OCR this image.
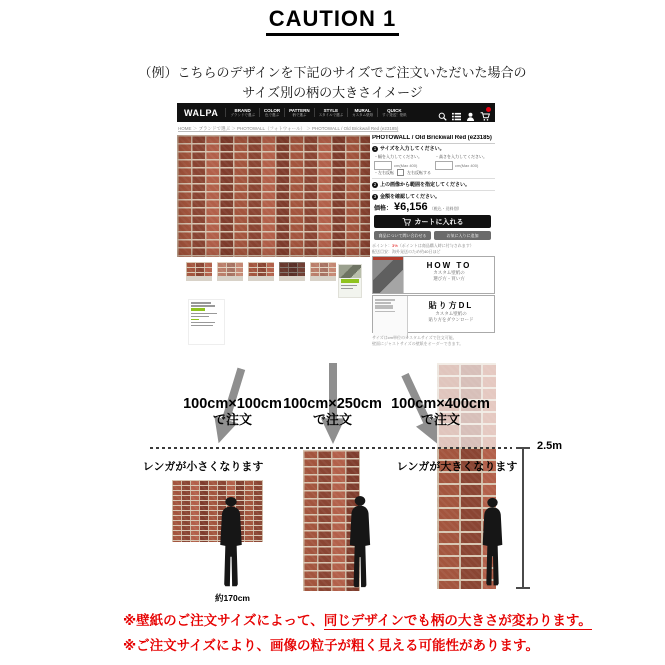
CAUTION 1
（例）こちらのデザインを下記のサイズでご注文いただいた場合の
サイズ別の柄の大きさイメージ
WALPA	BRAND
ブランドで選ぶ
COLOR
色で選ぶ
PATTERN
柄で選ぶ
STYLE
スタイルで選ぶ
MURAL
カスタム壁紙
QUICK
すぐ発送！壁紙
HOME ＞ ブランドで選ぶ ＞ PHOTOWALL（フォトウォール） ＞ PHOTOWALL / Old Brickwall Red (e23185)
PHOTOWALL / Old Brickwall Red (e23185)
1 サイズを入力してください。
・幅を入力してください。
cm(Max 400)
・高さを入力してください。
cm(Max 400)
・左右反転	左右反転する
2 上の画像から範囲を指定してください。
3 金額を確認してください。
価格： ¥6,156 （税込・送料別）
カートに入れる
商品について問い合わせる	お気に入りに追加
ポイント：3%（ポイントは商品購入時に付与されます）
配送目安：海外発送のため約40日ほど
HOW TO
カスタム壁紙の
選び方・買い方
貼り方DL
カスタム壁紙の
貼り方をダウンロード
サイズはcm単位のカスタムサイズで注文可能。
壁面にジャストサイズの壁紙をオーダーできます。
100cm×100cm
で注文
100cm×250cm
で注文
100cm×400cm
で注文
2.5m
約170cm
レンガが小さくなります	レンガが大きくなります
※壁紙のご注文サイズによって、同じデザインでも柄の大きさが変わります。
※ご注文サイズにより、画像の粒子が粗く見える可能性があります。
